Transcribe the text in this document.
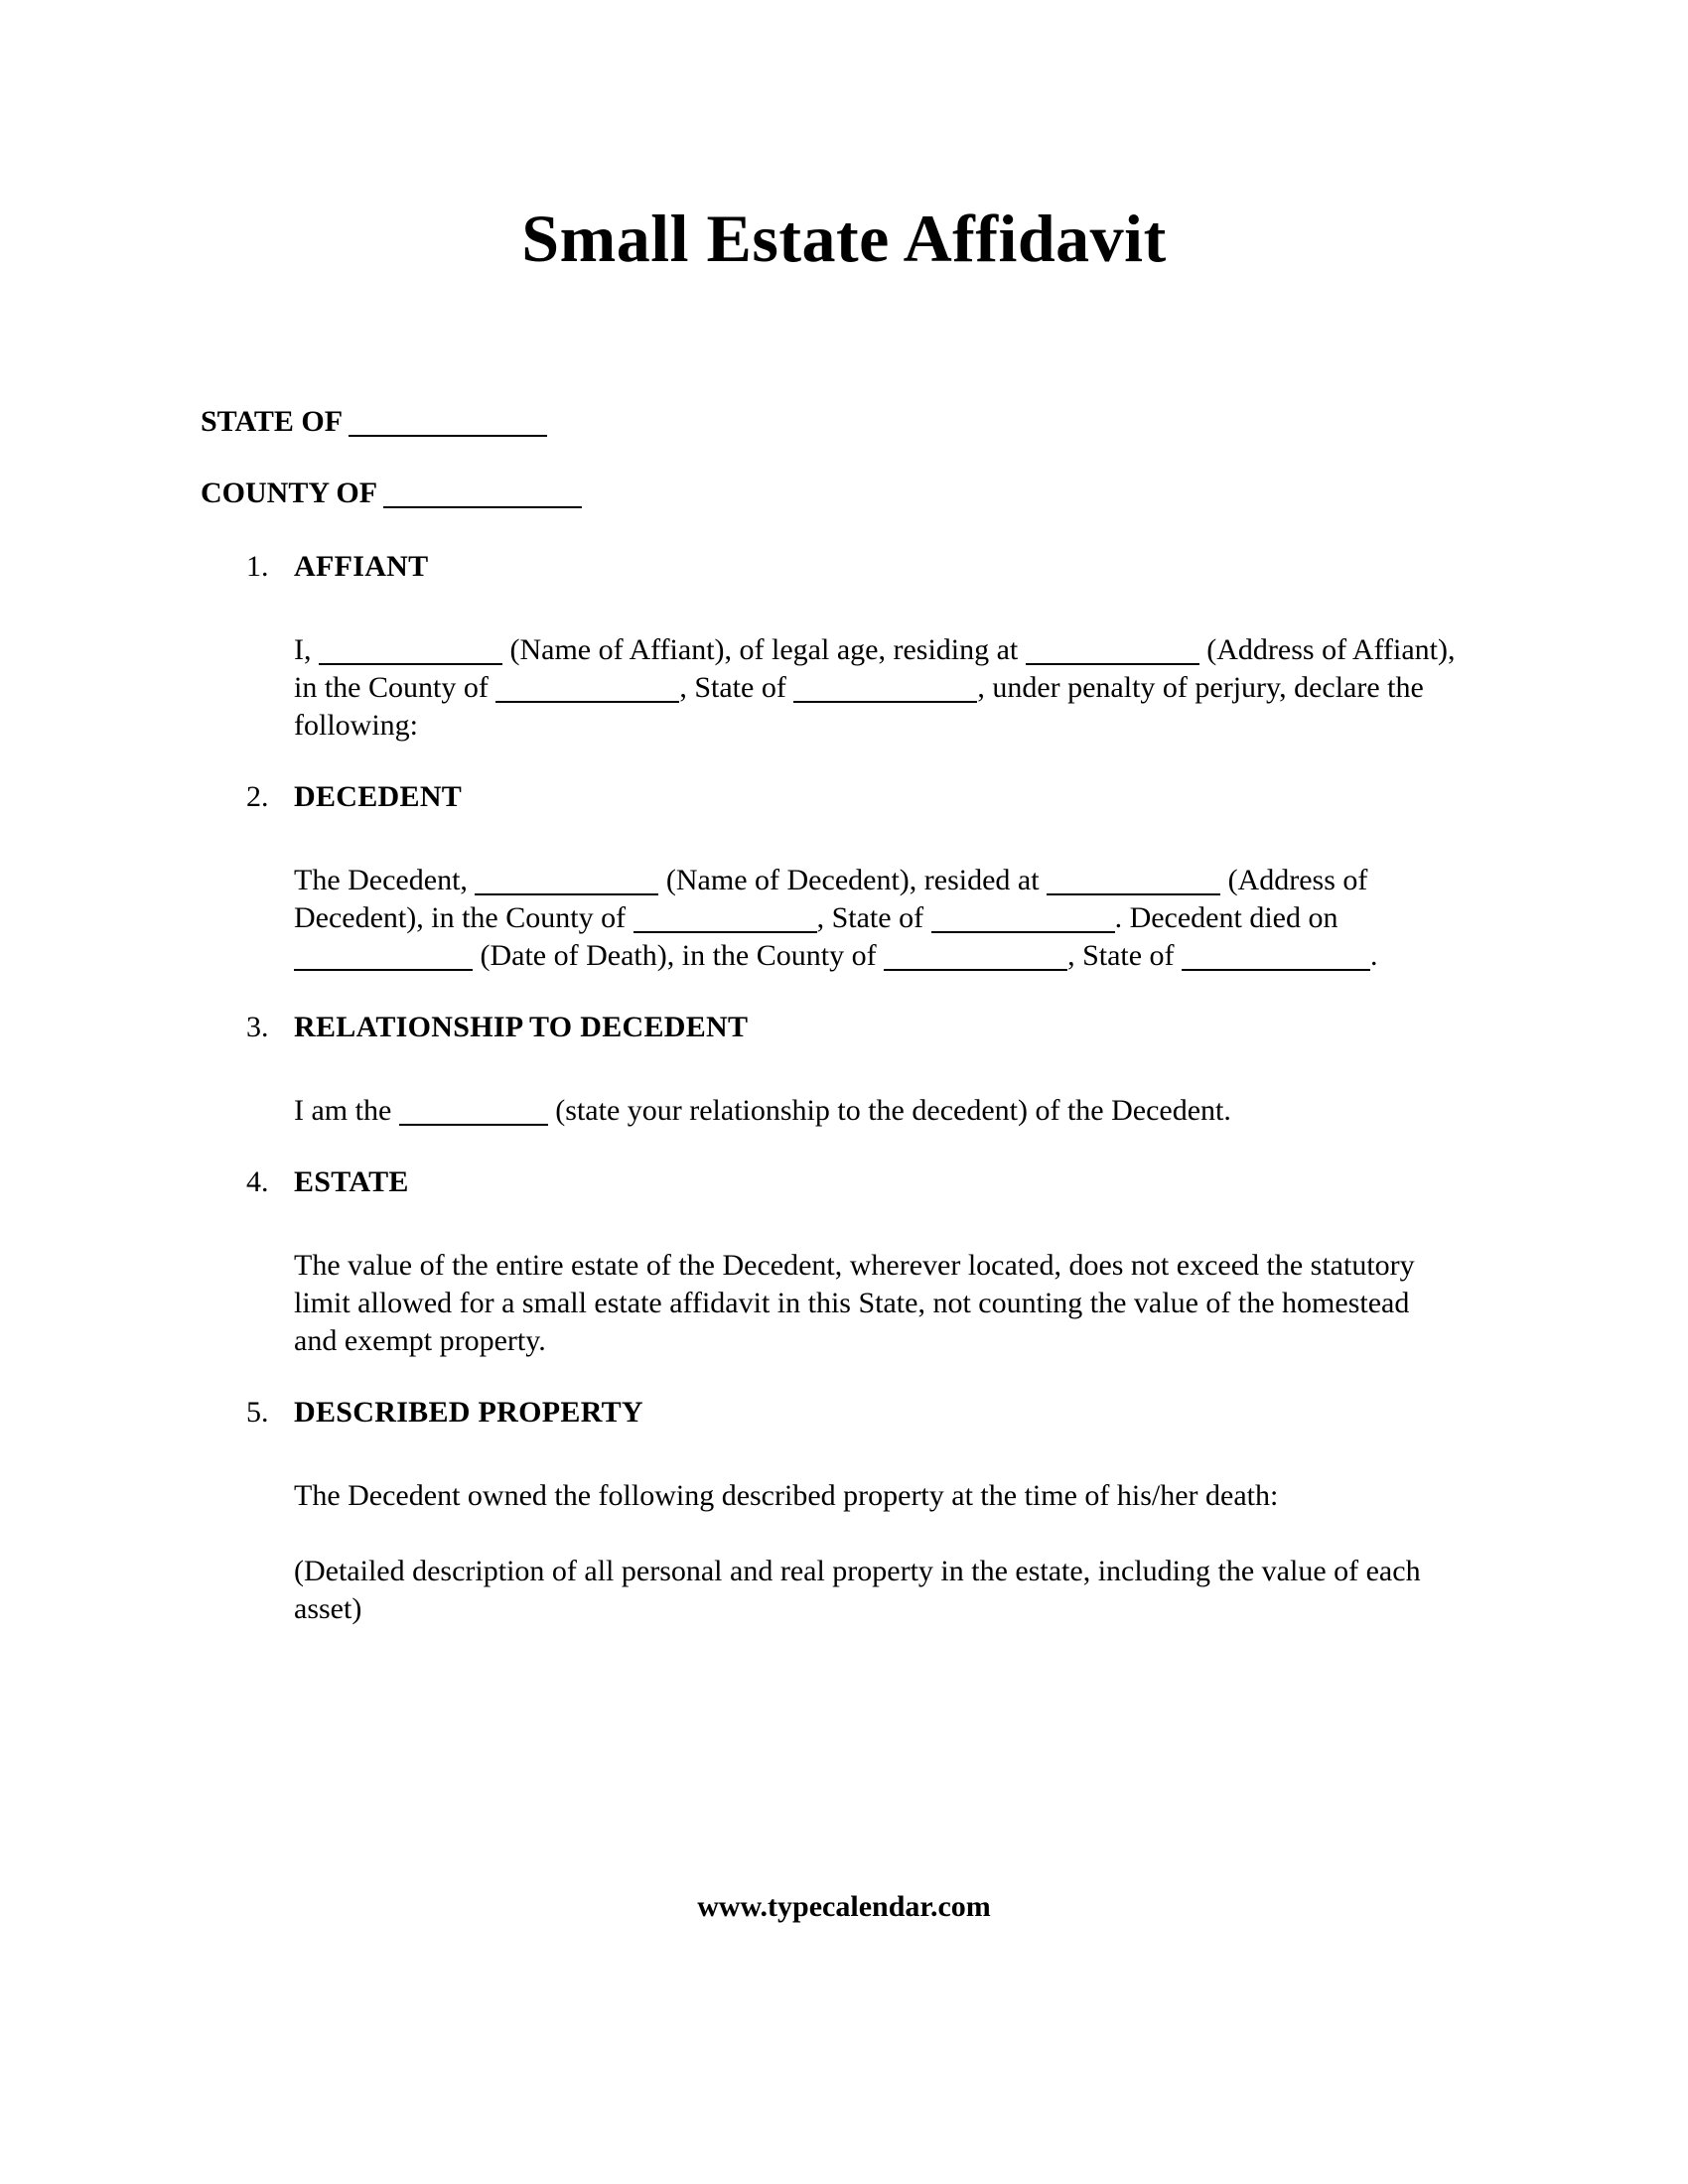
Small Estate Affidavit
STATE OF
COUNTY OF
1. AFFIANT

I,	(Name of Affiant), of legal age, residing at	(Address of Affiant), in the County of	, State of	, under penalty of perjury, declare the following:

2. DECEDENT

The Decedent,	(Name of Decedent), resided at	(Address of Decedent), in the County of	, State of	. Decedent died on  (Date of Death), in the County of	, State of	.

3. RELATIONSHIP TO DECEDENT

I am the	(state your relationship to the decedent) of the Decedent.

4. ESTATE

The value of the entire estate of the Decedent, wherever located, does not exceed the statutory limit allowed for a small estate affidavit in this State, not counting the value of the homestead and exempt property.

5. DESCRIBED PROPERTY

The Decedent owned the following described property at the time of his/her death:

(Detailed description of all personal and real property in the estate, including the value of each asset)

www.typecalendar.com
